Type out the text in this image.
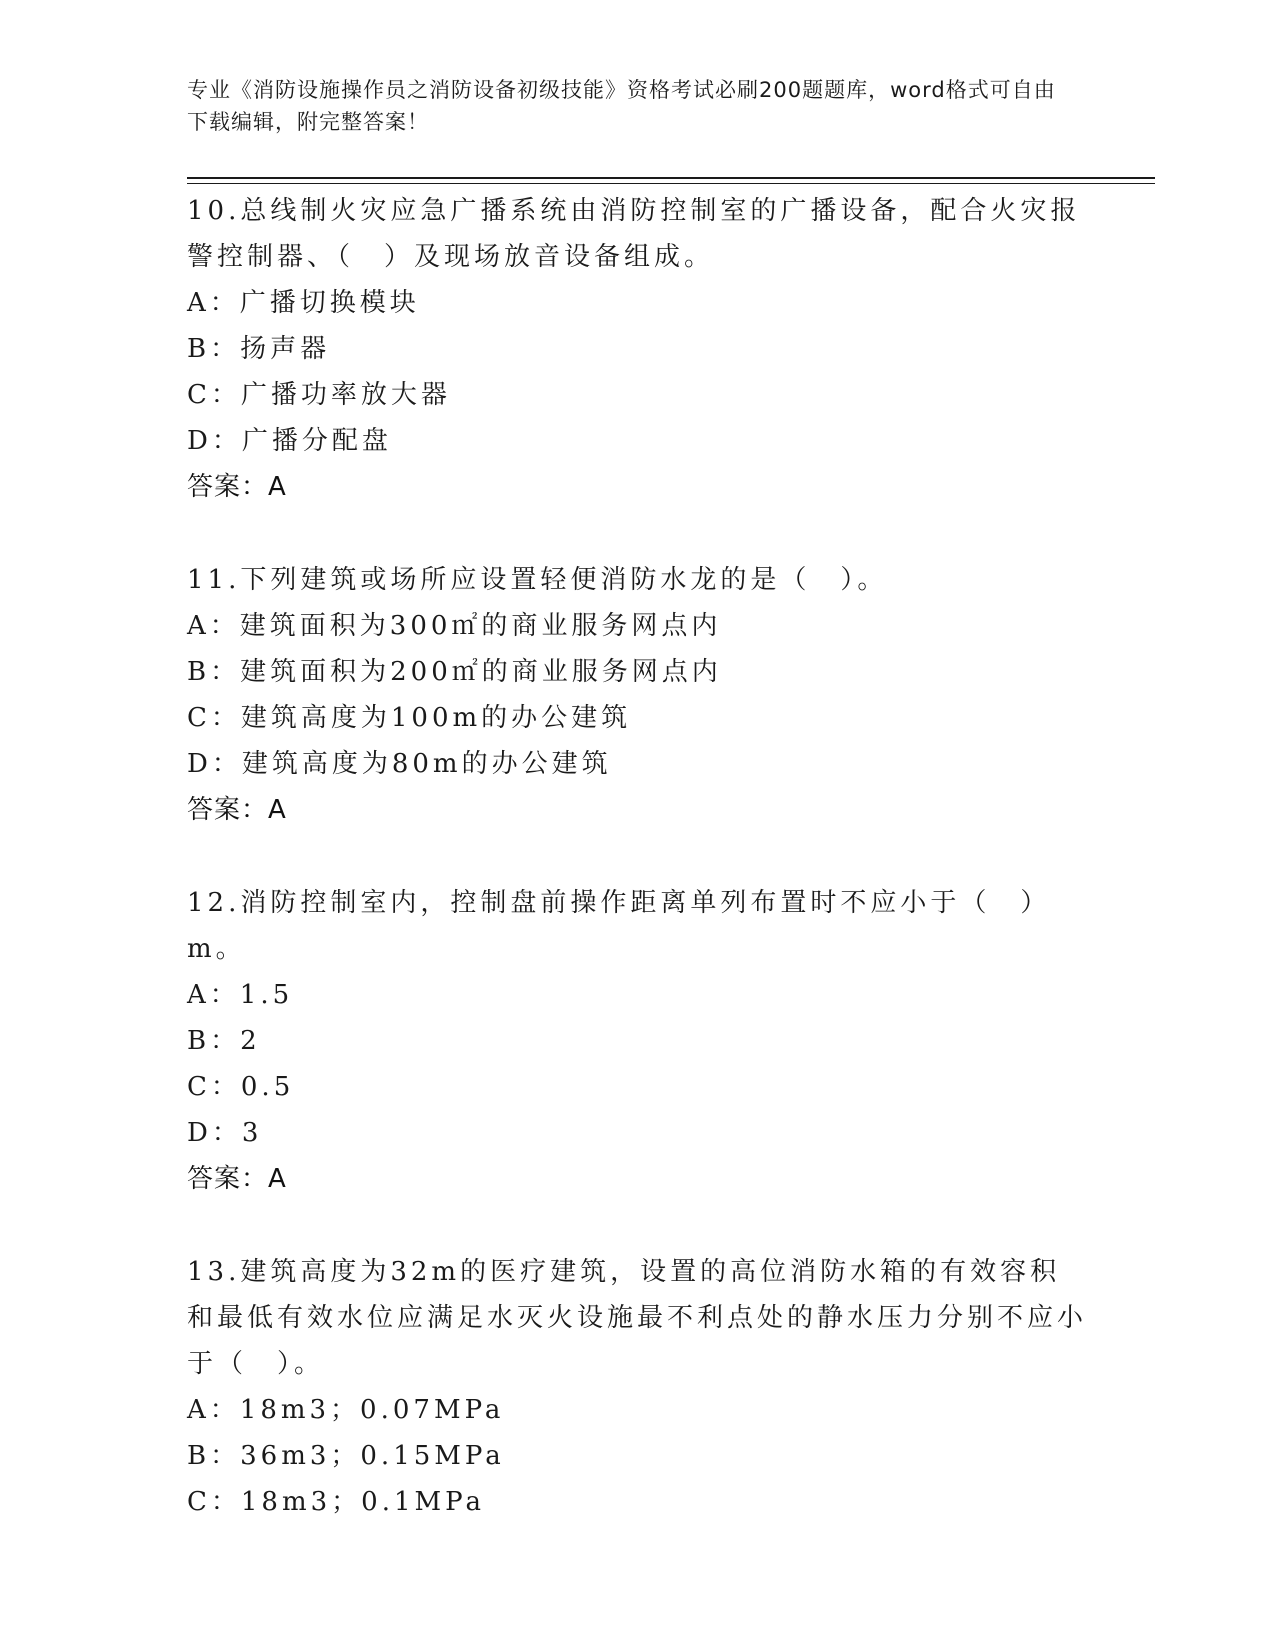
专业《消防设施操作员之消防设备初级技能》资格考试必刷200题题库，word格式可自由下载编辑，附完整答案！

10.总线制火灾应急广播系统由消防控制室的广播设备，配合火灾报警控制器、（　）及现场放音设备组成。

A：广播切换模块
B：扬声器
C：广播功率放大器
D：广播分配盘
答案：A

11.下列建筑或场所应设置轻便消防水龙的是（　）。

A：建筑面积为300㎡的商业服务网点内
B：建筑面积为200㎡的商业服务网点内
C：建筑高度为100m的办公建筑
D：建筑高度为80m的办公建筑
答案：A

12.消防控制室内，控制盘前操作距离单列布置时不应小于（　）m。

A：1.5
B：2
C：0.5
D：3
答案：A

13.建筑高度为32m的医疗建筑，设置的高位消防水箱的有效容积和最低有效水位应满足水灭火设施最不利点处的静水压力分别不应小于（　）。

A：18m3；0.07MPa
B：36m3；0.15MPa
C：18m3；0.1MPa
